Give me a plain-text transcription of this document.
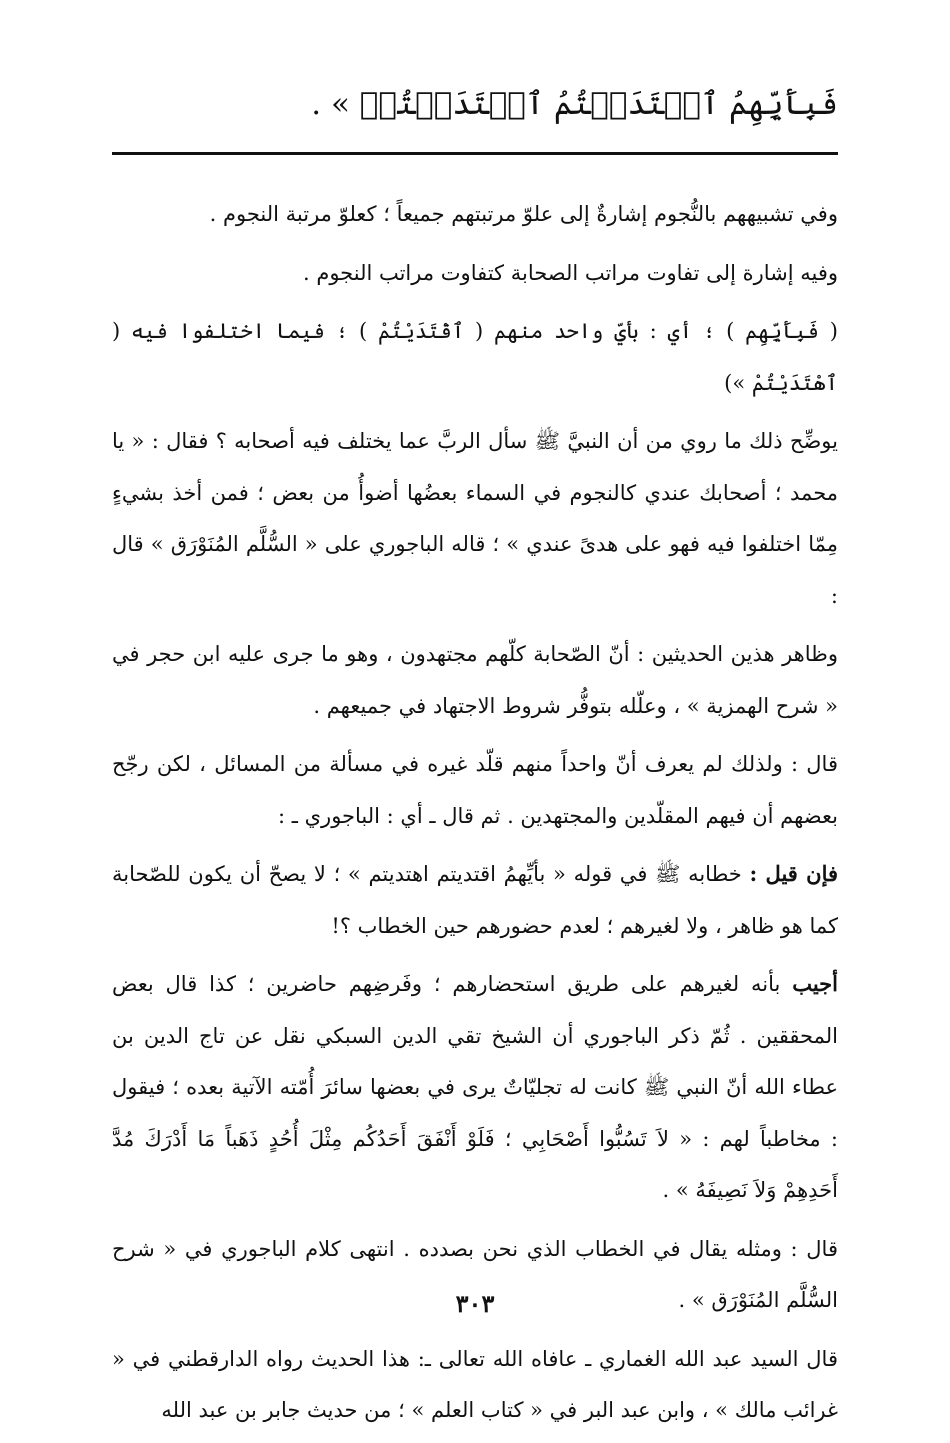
فَبِأَيِّهِمُ ٱقۡتَدَيۡتُمُ ٱهۡتَدَيۡتُمۡ » .

وفي تشبيههم بالنُّجوم إشارةٌ إلى علوّ مرتبتهم جميعاً ؛ كعلوّ مرتبة النجوم .

وفيه إشارة إلى تفاوت مراتب الصحابة كتفاوت مراتب النجوم .

( فَبِأَيِّهِم ) ؛ أي : بأيِّ واحد منهم ( ٱقْتَدَيْتُمْ ) ؛ فيما اختلفوا فيه ( ٱهْتَدَيْتُمْ »)

يوضِّح ذلك ما روي من أن النبيَّ ﷺ سأل الربَّ عما يختلف فيه أصحابه ؟ فقال : « يا محمد ؛ أصحابك عندي كالنجوم في السماء بعضُها أضوأُ من بعض ؛ فمن أخذ بشيءٍ مِمّا اختلفوا فيه فهو على هدىً عندي » ؛ قاله الباجوري على « السُّلَّم المُنَوْرَق » قال :

وظاهر هذين الحديثين : أنّ الصّحابة كلّهم مجتهدون ، وهو ما جرى عليه ابن حجر في « شرح الهمزية » ، وعلّله بتوفُّر شروط الاجتهاد في جميعهم .

قال : ولذلك لم يعرف أنّ واحداً منهم قلّد غيره في مسألة من المسائل ، لكن رجّح بعضهم أن فيهم المقلّدين والمجتهدين . ثم قال ـ أي : الباجوري ـ :

فإن قيل : خطابه ﷺ في قوله « بأيِّهمُ اقتديتم اهتديتم » ؛ لا يصحّ أن يكون للصّحابة كما هو ظاهر ، ولا لغيرهم ؛ لعدم حضورهم حين الخطاب ؟!

أجيب بأنه لغيرهم على طريق استحضارهم ؛ وفَرضِهم حاضرين ؛ كذا قال بعض المحققين . ثُمّ ذكر الباجوري أن الشيخ تقي الدين السبكي نقل عن تاج الدين بن عطاء الله أنّ النبي ﷺ كانت له تجليّاتٌ يرى في بعضها سائرَ أُمّته الآتية بعده ؛ فيقول : مخاطباً لهم : « لاَ تَسُبُّوا أَصْحَابِي ؛ فَلَوْ أَنْفَقَ أَحَدُكُم مِثْلَ أُحُدٍ ذَهَباً مَا أَدْرَكَ مُدَّ أَحَدِهِمْ وَلاَ نَصِيفَهُ » .

قال : ومثله يقال في الخطاب الذي نحن بصدده . انتهى كلام الباجوري في « شرح السُّلَّم المُنَوْرَق » .

قال السيد عبد الله الغماري ـ عافاه الله تعالى ـ: هذا الحديث رواه الدارقطني في « غرائب مالك » ، وابن عبد البر في « كتاب العلم » ؛ من حديث جابر بن عبد الله

٣٠٣
